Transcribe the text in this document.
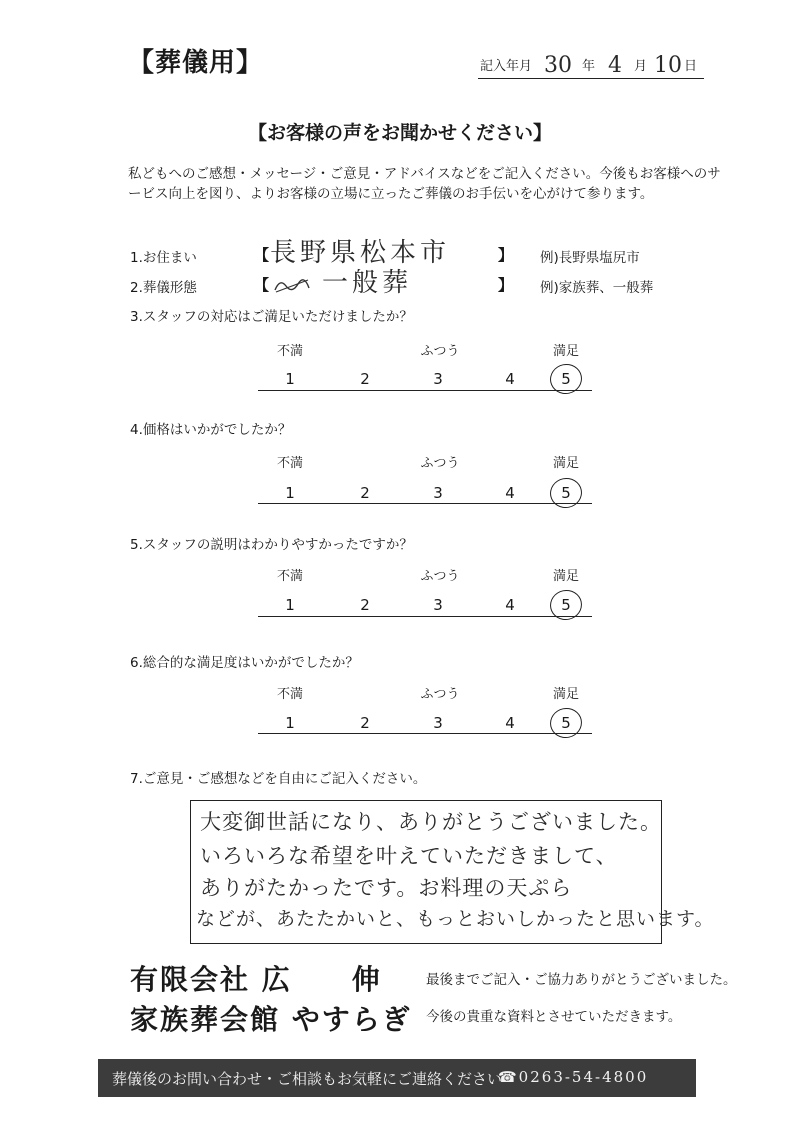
【葬儀用】	記入年月 30 年 4 月 10 日
【お客様の声をお聞かせください】
私どもへのご感想・メッセージ・ご意見・アドバイスなどをご記入ください。今後もお客様へのサービス向上を図り、よりお客様の立場に立ったご葬儀のお手伝いを心がけて参ります。
1.お住まい	【 長野県松本市	】 例)長野県塩尻市
2.葬儀形態	【 一般葬	】 例)家族葬、一般葬
3.スタッフの対応はご満足いただけましたか？
不満	ふつう	満足
1	2	3	4	5
4.価格はいかがでしたか？
不満	ふつう	満足
1	2	3	4	5
5.スタッフの説明はわかりやすかったですか？
不満	ふつう	満足
1	2	3	4	5
6.総合的な満足度はいかがでしたか？
不満	ふつう	満足
1	2	3	4	5
7.ご意見・ご感想などを自由にご記入ください。
大変御世話になり、ありがとうございました。
いろいろな希望を叶えていただきまして、
ありがたかったです。お料理の天ぷら
などが、あたたかいと、もっとおいしかったと思います。
有限会社 広　　伸
家族葬会館 やすらぎ
最後までご記入・ご協力ありがとうございました。
今後の貴重な資料とさせていただきます。
葬儀後のお問い合わせ・ご相談もお気軽にご連絡ください
☎0263-54-4800
